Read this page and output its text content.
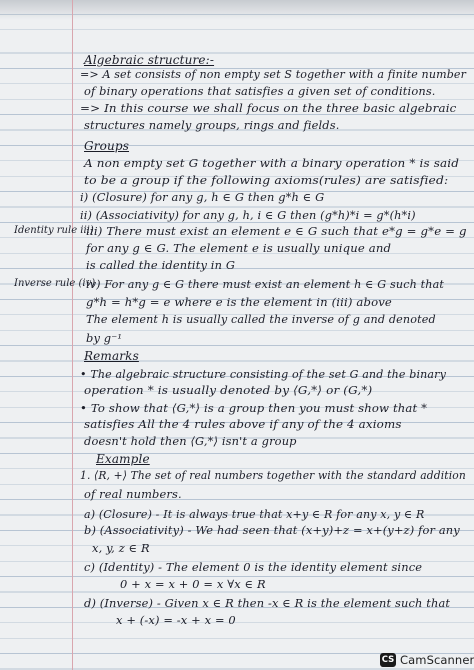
Algebraic structure:-
=> A set consists of non empty set S together with a finite number
of binary operations that satisfies a given set of conditions.
=> In this course we shall focus on the three basic algebraic
structures namely groups, rings and fields.
Groups
A non empty set G together with a binary operation * is said
to be a group if the following axioms(rules) are satisfied:
i) (Closure) for any g, h ∈ G then g*h ∈ G
ii) (Associativity) for any g, h, i ∈ G then (g*h)*i = g*(h*i)
Identity rule iii)
iii) There must exist an element e ∈ G such that e*g = g*e = g
for any g ∈ G. The element e is usually unique and
is called the identity in G
Inverse rule (iv)
iv) For any g ∈ G there must exist an element h ∈ G such that
g*h = h*g = e where e is the element in (iii) above
The element h is usually called the inverse of g and denoted
by g⁻¹
Remarks
• The algebraic structure consisting of the set G and the binary
operation * is usually denoted by ⟨G,*⟩ or (G,*)
• To show that ⟨G,*⟩ is a group then you must show that *
satisfies All the 4 rules above if any of the 4 axioms
doesn't hold then ⟨G,*⟩ isn't a group
Example
1. ⟨R, +⟩ The set of real numbers together with the standard addition
of real numbers.
a) (Closure) - It is always true that x+y ∈ R for any x, y ∈ R
b) (Associativity) - We had seen that (x+y)+z = x+(y+z) for any
x, y, z ∈ R
c) (Identity) - The element 0 is the identity element since
0 + x = x + 0 = x ∀x ∈ R
d) (Inverse) - Given x ∈ R then -x ∈ R is the element such that
x + (-x) = -x + x = 0
CS CamScanner
